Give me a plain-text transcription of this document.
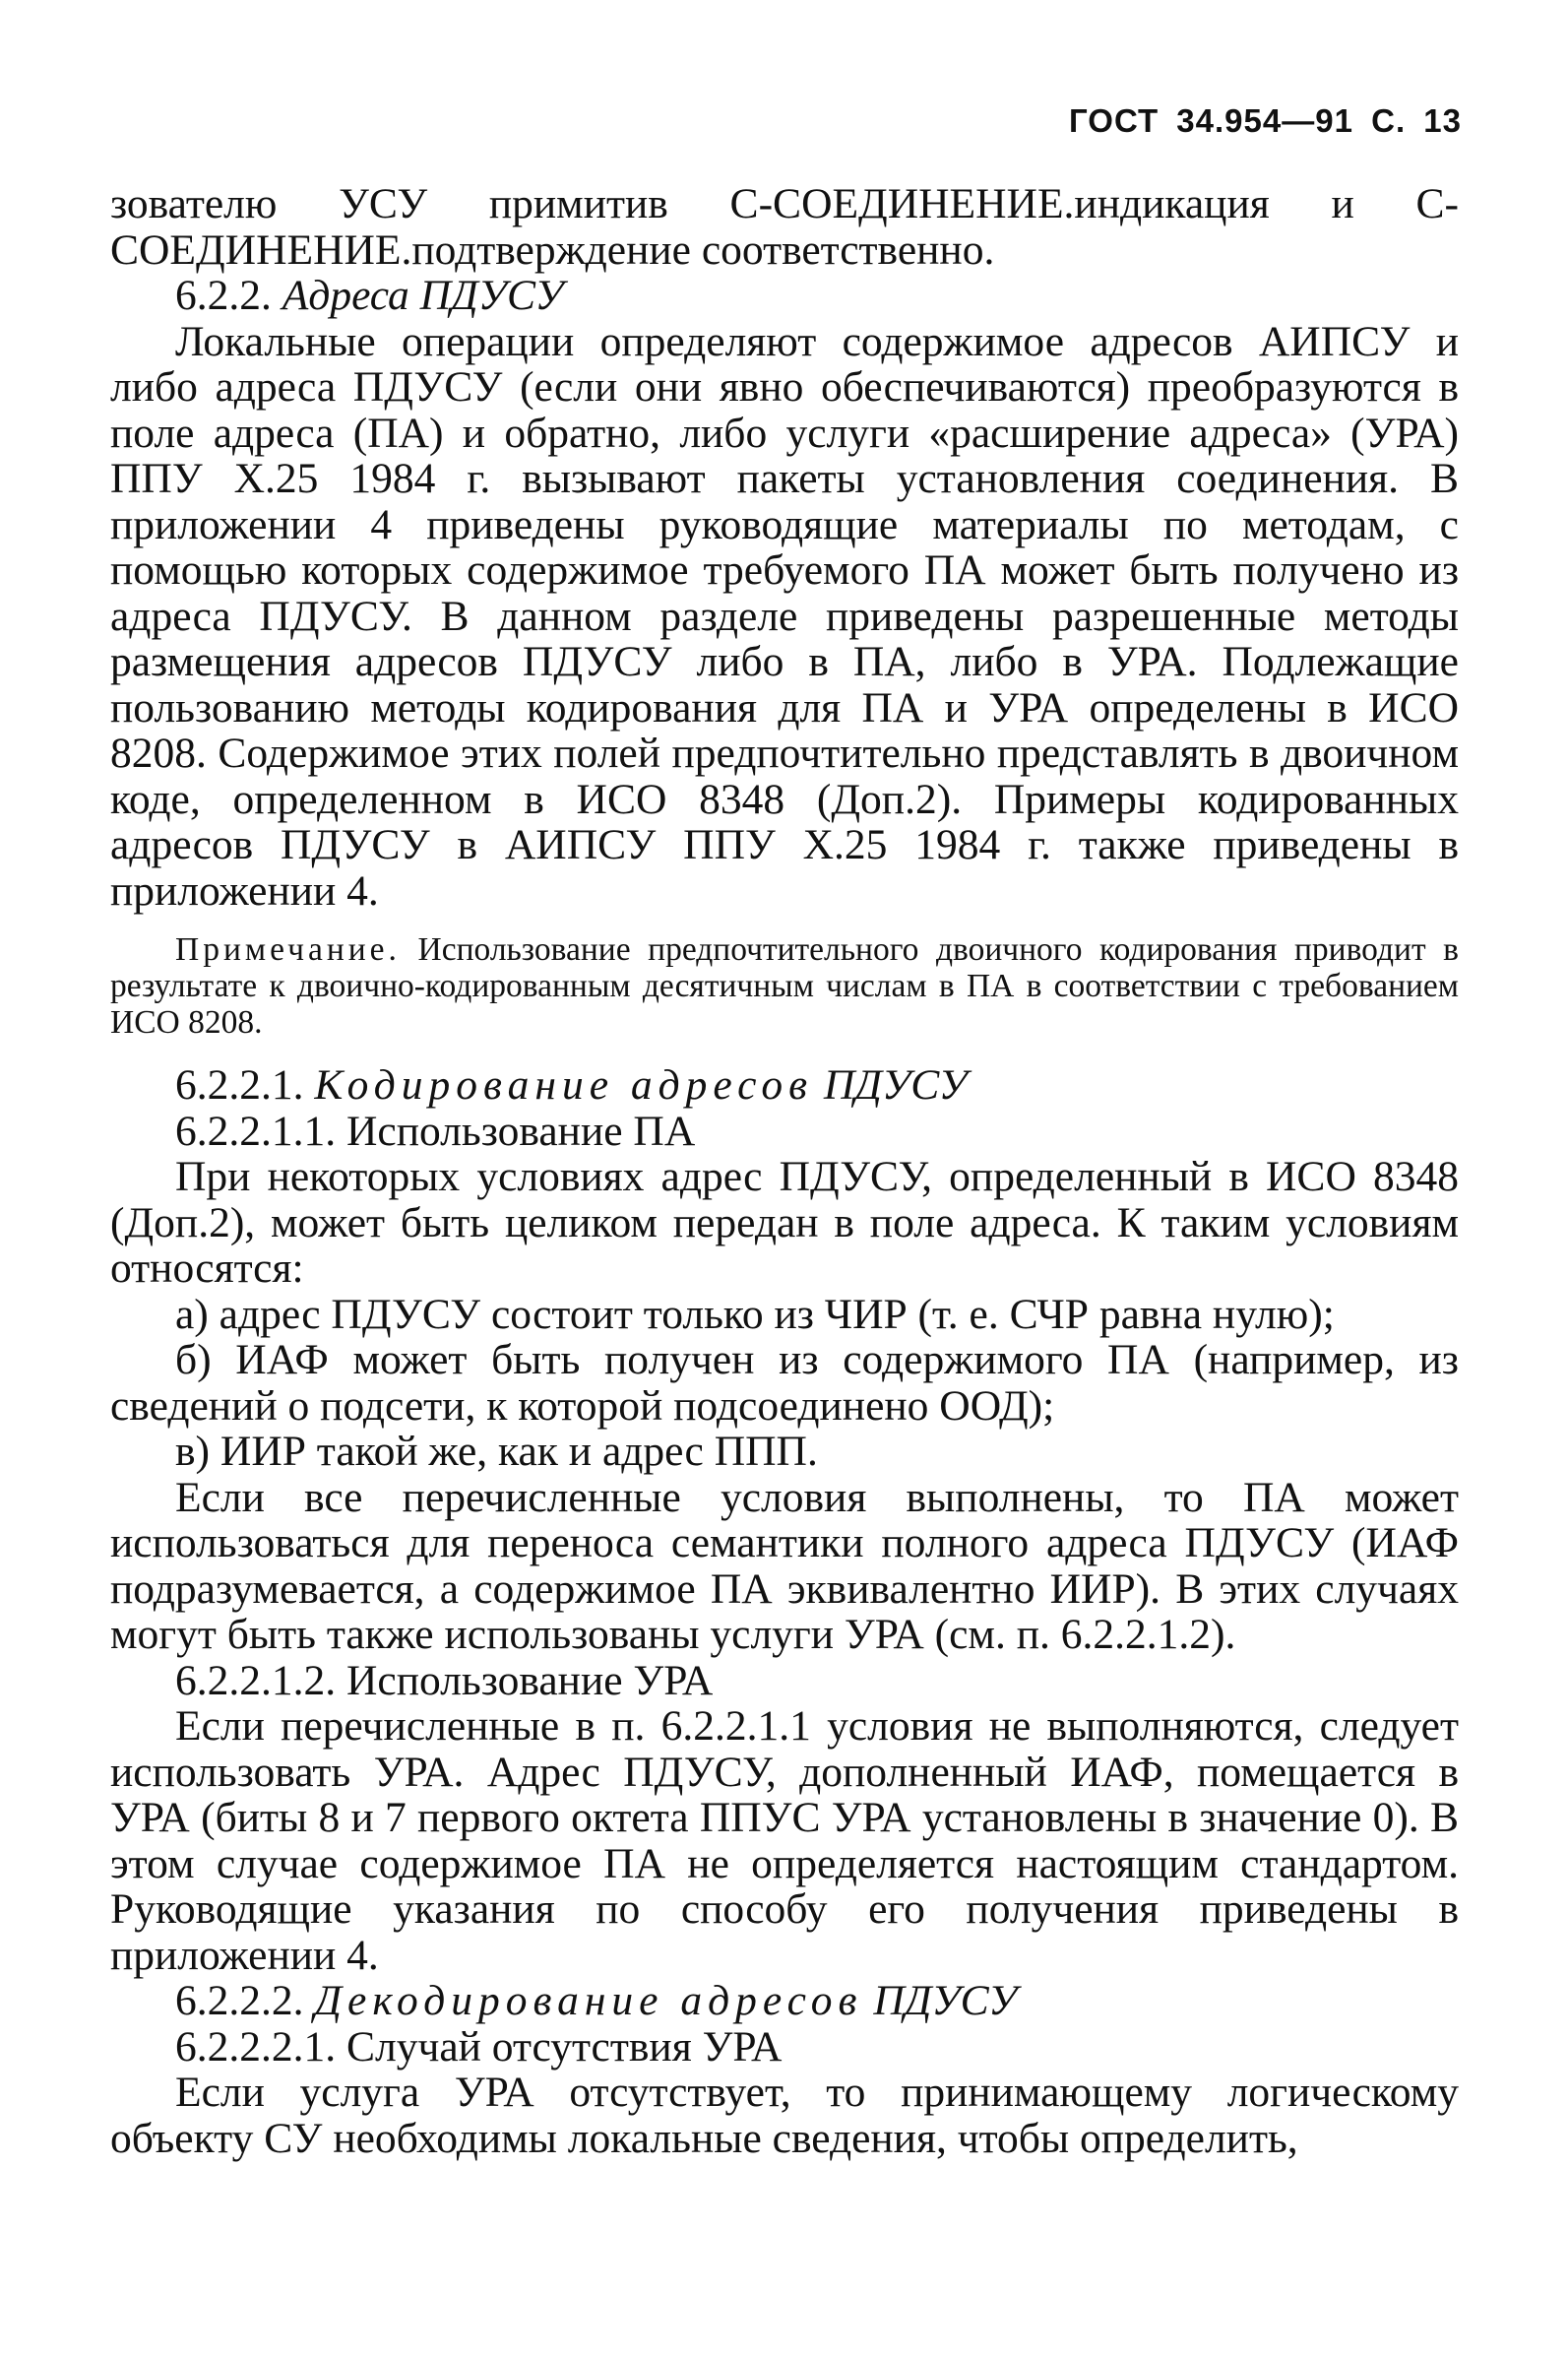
ГОСТ 34.954—91 С. 13

зователю УСУ примитив С-СОЕДИНЕНИЕ.индикация и С-СОЕДИНЕНИЕ.подтверждение соответственно.

6.2.2. Адреса ПДУСУ

Локальные операции определяют содержимое адресов АИПСУ и либо адреса ПДУСУ (если они явно обеспечиваются) преобразуются в поле адреса (ПА) и обратно, либо услуги «расширение адреса» (УРА) ППУ X.25 1984 г. вызывают пакеты установления соединения. В приложении 4 приведены руководящие материалы по методам, с помощью которых содержимое требуемого ПА может быть получено из адреса ПДУСУ. В данном разделе приведены разрешенные методы размещения адресов ПДУСУ либо в ПА, либо в УРА. Подлежащие пользованию методы кодирования для ПА и УРА определены в ИСО 8208. Содержимое этих полей предпочтительно представлять в двоичном коде, определенном в ИСО 8348 (Доп.2). Примеры кодированных адресов ПДУСУ в АИПСУ ППУ X.25 1984 г. также приведены в приложении 4.

Примечание. Использование предпочтительного двоичного кодирования приводит в результате к двоично-кодированным десятичным числам в ПА в соответствии с требованием ИСО 8208.

6.2.2.1. Кодирование адресов ПДУСУ

6.2.2.1.1. Использование ПА

При некоторых условиях адрес ПДУСУ, определенный в ИСО 8348 (Доп.2), может быть целиком передан в поле адреса. К таким условиям относятся:

а) адрес ПДУСУ состоит только из ЧИР (т. е. СЧР равна нулю);

б) ИАФ может быть получен из содержимого ПА (например, из сведений о подсети, к которой подсоединено ООД);

в) ИИР такой же, как и адрес ППП.

Если все перечисленные условия выполнены, то ПА может использоваться для переноса семантики полного адреса ПДУСУ (ИАФ подразумевается, а содержимое ПА эквивалентно ИИР). В этих случаях могут быть также использованы услуги УРА (см. п. 6.2.2.1.2).

6.2.2.1.2. Использование УРА

Если перечисленные в п. 6.2.2.1.1 условия не выполняются, следует использовать УРА. Адрес ПДУСУ, дополненный ИАФ, помещается в УРА (биты 8 и 7 первого октета ППУС УРА установлены в значение 0). В этом случае содержимое ПА не определяется настоящим стандартом. Руководящие указания по способу его получения приведены в приложении 4.

6.2.2.2. Декодирование адресов ПДУСУ

6.2.2.2.1. Случай отсутствия УРА

Если услуга УРА отсутствует, то принимающему логическому объекту СУ необходимы локальные сведения, чтобы определить,
